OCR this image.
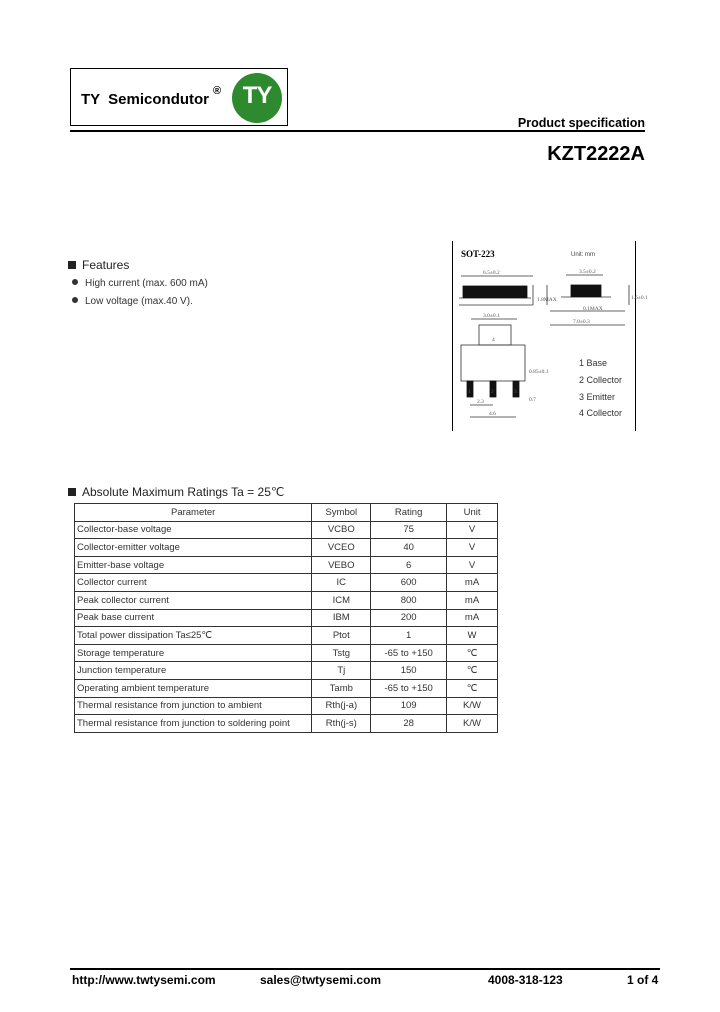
TY Semicondutor ® TY
Product specification
KZT2222A
Features
High current (max. 600 mA)
Low voltage (max.40 V).
SOT-223	Unit: mm
6.5±0.2	3.5±0.2
7.0±0.3
1.6±0.1
0.1MAX
3.0±0.1
1.8MAX
2.3
4.6
0.7
0.85±0.1
1	2	3
4
1 Base
2 Collector
3 Emitter
4 Collector
Absolute Maximum Ratings Ta = 25℃
Parameter	Symbol	Rating	Unit
Collector-base voltage	VCBO	75	V
Collector-emitter voltage	VCEO	40	V
Emitter-base voltage	VEBO	6	V
Collector current	IC	600	mA
Peak collector current	ICM	800	mA
Peak base current	IBM	200	mA
Total power dissipation Ta≤25℃	Ptot	1	W
Storage temperature	Tstg	-65 to +150	℃
Junction temperature	Tj	150	℃
Operating ambient temperature	Tamb	-65 to +150	℃
Thermal resistance from junction to ambient	Rth(j-a)	109	K/W
Thermal resistance from junction to soldering point	Rth(j-s)	28	K/W
http://www.twtysemi.com	sales@twtysemi.com	4008-318-123	1 of 4
